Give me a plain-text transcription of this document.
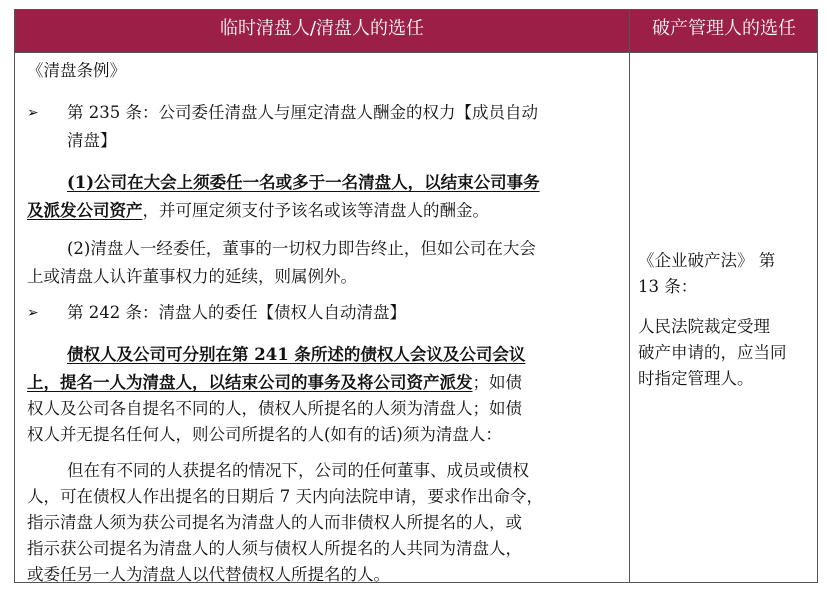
临时清盘人/清盘人的选任	破产管理人的选任

《清盘条例》

➢ 第 235 条：公司委任清盘人与厘定清盘人酬金的权力【成员自动

清盘】

(1)公司在大会上须委任一名或多于一名清盘人，以结束公司事务

及派发公司资产，并可厘定须支付予该名或该等清盘人的酬金。

(2)清盘人一经委任，董事的一切权力即告终止，但如公司在大会

上或清盘人认许董事权力的延续，则属例外。

➢ 第 242 条：清盘人的委任【债权人自动清盘】

债权人及公司可分别在第 241 条所述的债权人会议及公司会议

上，提名一人为清盘人，以结束公司的事务及将公司资产派发；如债

权人及公司各自提名不同的人，债权人所提名的人须为清盘人；如债

权人并无提名任何人，则公司所提名的人(如有的话)须为清盘人：

但在有不同的人获提名的情况下，公司的任何董事、成员或债权

人，可在债权人作出提名的日期后 7 天内向法院申请，要求作出命令，

指示清盘人须为获公司提名为清盘人的人而非债权人所提名的人，或

指示获公司提名为清盘人的人须与债权人所提名的人共同为清盘人，

或委任另一人为清盘人以代替债权人所提名的人。

《企业破产法》 第

13 条：

人民法院裁定受理

破产申请的，应当同

时指定管理人。
